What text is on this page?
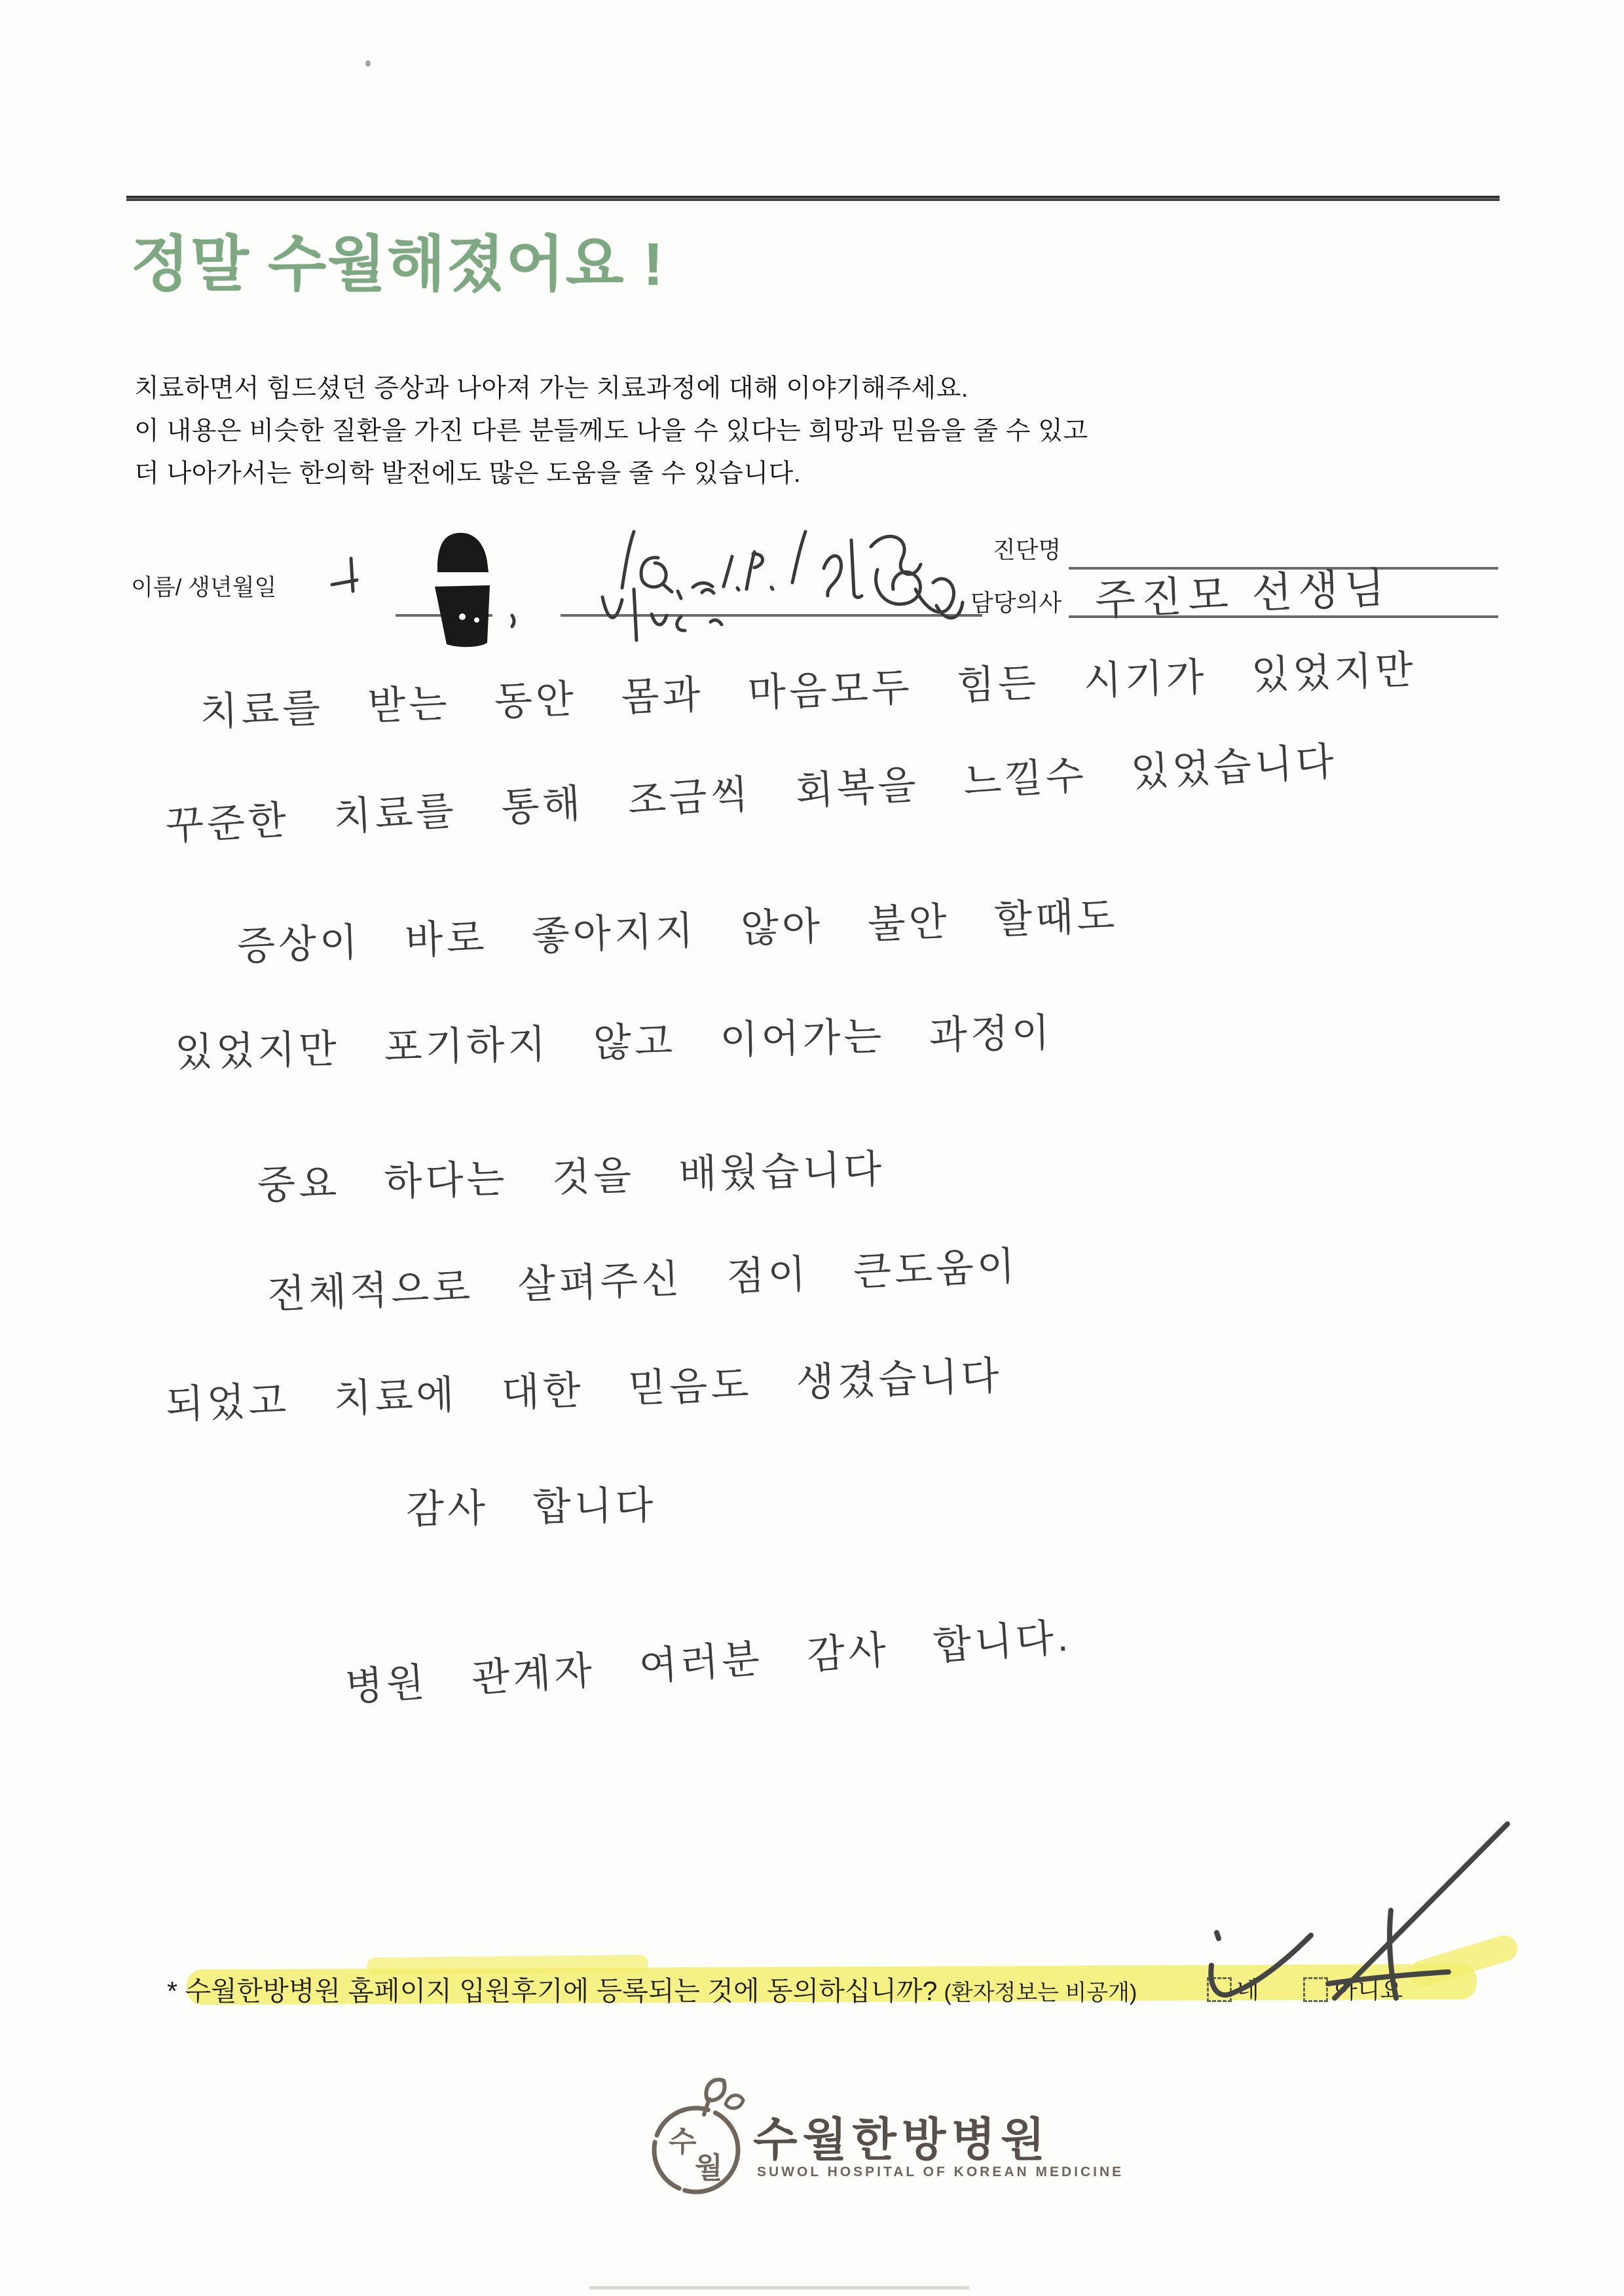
정말 수월해졌어요 !
치료하면서 힘드셨던 증상과 나아져 가는 치료과정에 대해 이야기해주세요.
이 내용은 비슷한 질환을 가진 다른 분들께도 나을 수 있다는 희망과 믿음을 줄 수 있고
더 나아가서는 한의학 발전에도 많은 도움을 줄 수 있습니다.
이름/ 생년월일
진단명
담당의사 주진모 선생님
치료를 받는 동안 몸과 마음모두 힘든 시기가 있었지만
꾸준한 치료를 통해 조금씩 회복을 느낄수 있었습니다
증상이 바로 좋아지지 않아 불안 할때도
있었지만 포기하지 않고 이어가는 과정이
중요 하다는 것을 배웠습니다
전체적으로 살펴주신 점이 큰도움이
되었고 치료에 대한 믿음도 생겼습니다
감사 합니다
병원 관계자 여러분 감사 합니다.
* 수월한방병원 홈페이지 입원후기에 등록되는 것에 동의하십니까? (환자정보는 비공개)	네	아니요
수
월
수월한방병원
SUWOL HOSPITAL OF KOREAN MEDICINE
